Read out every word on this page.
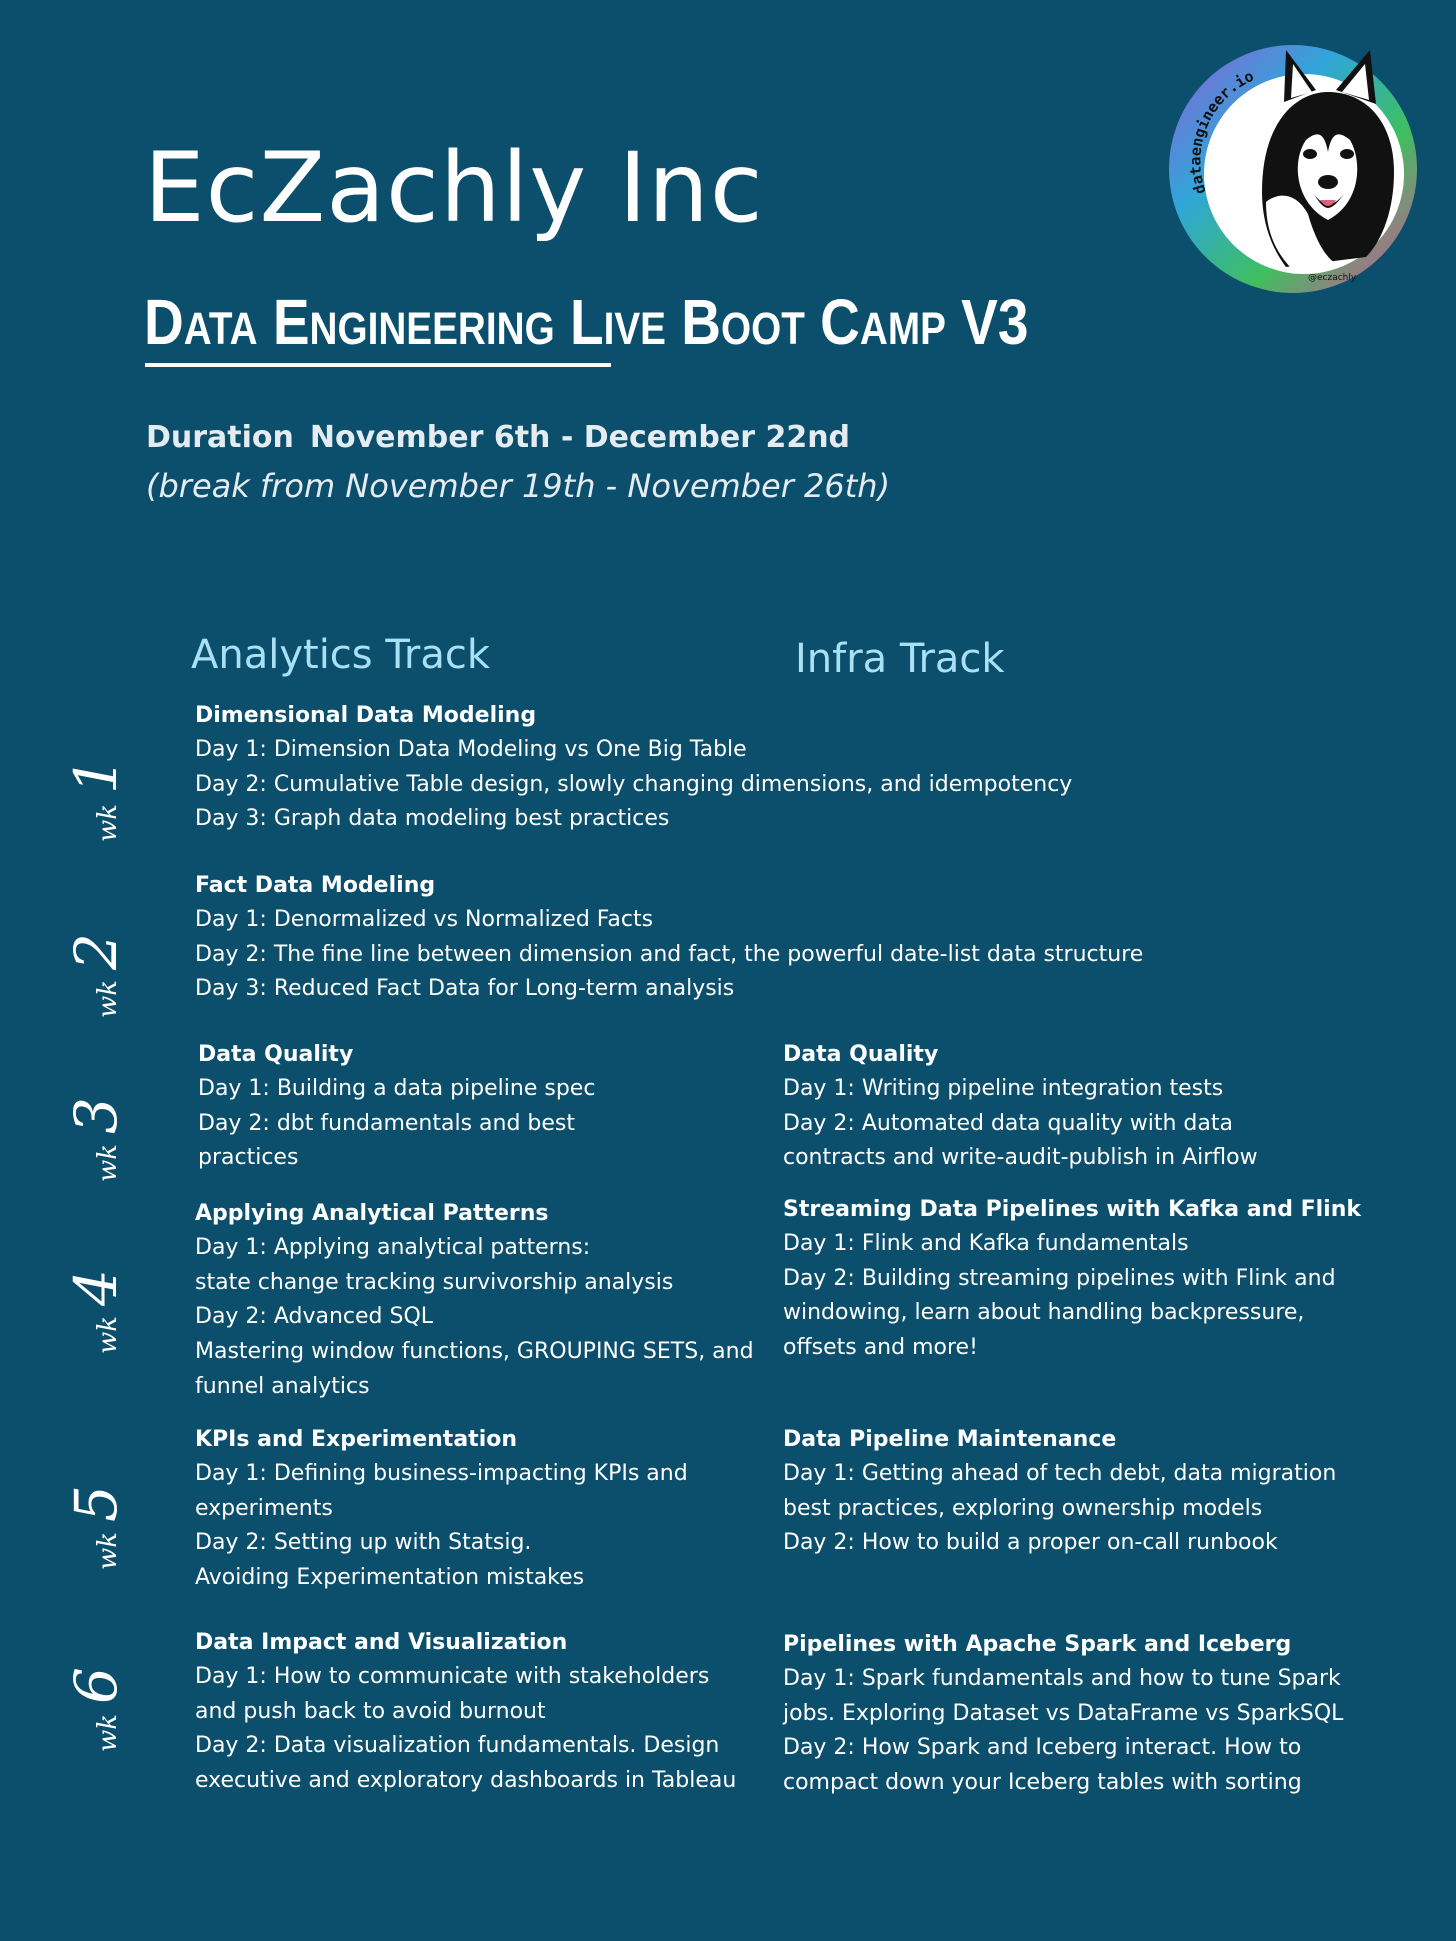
EcZachly Inc
Data Engineering Live Boot Camp V3
Duration November 6th - December 22nd
(break from November 19th - November 26th)
dataengineer.io
@eczachly
Analytics Track	Infra Track
wk1
wk2
wk3
wk4
wk5
wk6
Dimensional Data Modeling
Day 1: Dimension Data Modeling vs One Big Table
Day 2: Cumulative Table design, slowly changing dimensions, and idempotency
Day 3: Graph data modeling best practices
Fact Data Modeling
Day 1: Denormalized vs Normalized Facts
Day 2: The fine line between dimension and fact, the powerful date-list data structure
Day 3: Reduced Fact Data for Long-term analysis
Data Quality
Day 1: Building a data pipeline spec
Day 2: dbt fundamentals and best
practices
Applying Analytical Patterns
Day 1: Applying analytical patterns:
state change tracking survivorship analysis
Day 2: Advanced SQL
Mastering window functions, GROUPING SETS, and
funnel analytics
KPIs and Experimentation
Day 1: Defining business-impacting KPIs and
experiments
Day 2: Setting up with Statsig.
Avoiding Experimentation mistakes
Data Impact and Visualization
Day 1: How to communicate with stakeholders
and push back to avoid burnout
Day 2: Data visualization fundamentals. Design
executive and exploratory dashboards in Tableau
Data Quality
Day 1: Writing pipeline integration tests
Day 2: Automated data quality with data
contracts and write-audit-publish in Airflow
Streaming Data Pipelines with Kafka and Flink
Day 1: Flink and Kafka fundamentals
Day 2: Building streaming pipelines with Flink and
windowing, learn about handling backpressure,
offsets and more!
Data Pipeline Maintenance
Day 1: Getting ahead of tech debt, data migration
best practices, exploring ownership models
Day 2: How to build a proper on-call runbook
Pipelines with Apache Spark and Iceberg
Day 1: Spark fundamentals and how to tune Spark
jobs. Exploring Dataset vs DataFrame vs SparkSQL
Day 2: How Spark and Iceberg interact. How to
compact down your Iceberg tables with sorting
